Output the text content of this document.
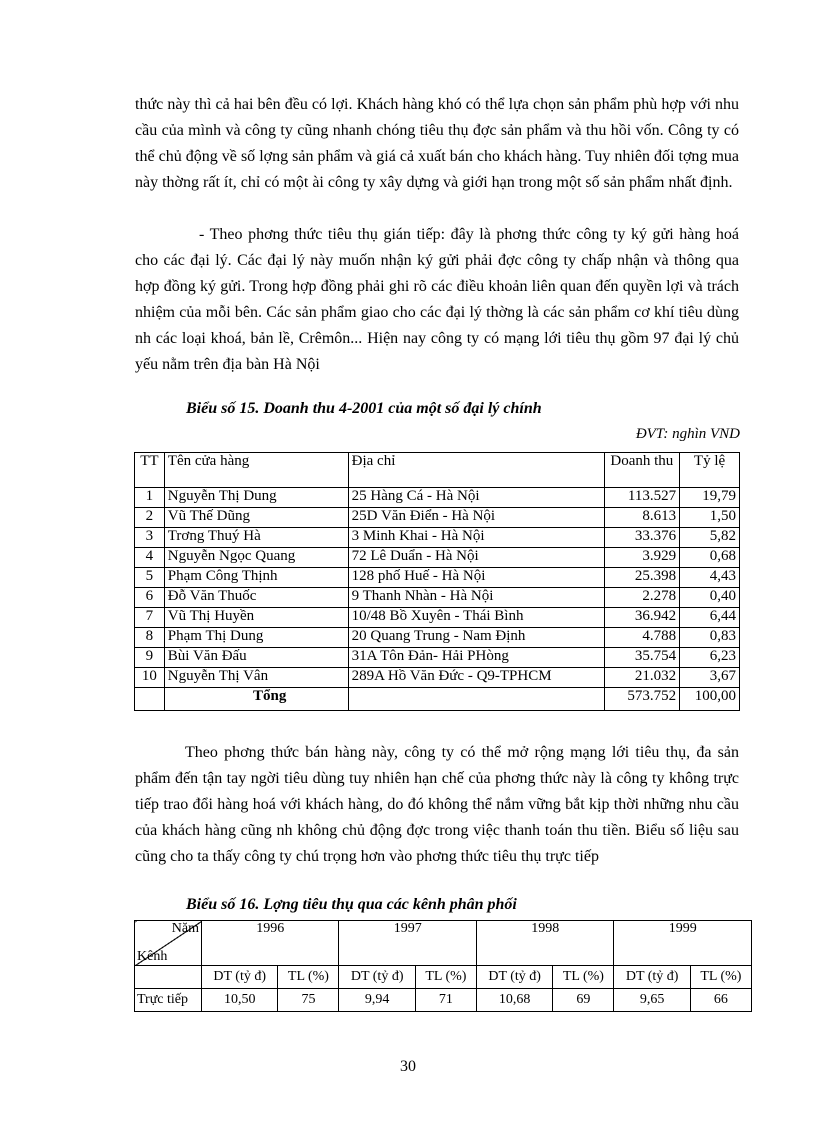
thức này thì cả hai bên đều có lợi. Khách hàng khó có thể lựa chọn sản phẩm phù hợp với nhu cầu của mình và công ty cũng nhanh chóng tiêu thụ đợc sản phẩm và thu hồi vốn. Công ty có thể chủ động về số lợng sản phẩm và giá cả xuất bán cho khách hàng. Tuy nhiên đối tợng mua này thờng rất ít, chỉ có một ài công ty xây dựng và giới hạn trong một số sản phẩm nhất định.

- Theo phơng thức tiêu thụ gián tiếp: đây là phơng thức công ty ký gửi hàng hoá cho các đại lý. Các đại lý này muốn nhận ký gửi phải đợc công ty chấp nhận và thông qua hợp đồng ký gửi. Trong hợp đồng phải ghi rõ các điều khoản liên quan đến quyền lợi và trách nhiệm của mỗi bên. Các sản phẩm giao cho các đại lý thờng là các sản phẩm cơ khí tiêu dùng nh các loại khoá, bản lề, Crêmôn... Hiện nay công ty có mạng lới tiêu thụ gồm 97 đại lý chủ yếu nằm trên địa bàn Hà Nội

Biểu số 15. Doanh thu 4-2001 của một số đại lý chính

ĐVT: nghìn VND
TT	Tên cửa hàng	Địa chỉ	Doanh thu	Tỷ lệ
1	Nguyễn Thị Dung	25 Hàng Cá - Hà Nội	113.527	19,79
2	Vũ Thế Dũng	25D Văn Điển - Hà Nội	8.613	1,50
3	Trơng Thuý Hà	3 Minh Khai - Hà Nội	33.376	5,82
4	Nguyễn Ngọc Quang	72 Lê Duẩn - Hà Nội	3.929	0,68
5	Phạm Công Thịnh	128 phố Huế - Hà Nội	25.398	4,43
6	Đỗ Văn Thuốc	9 Thanh Nhàn - Hà Nội	2.278	0,40
7	Vũ Thị Huyền	10/48 Bồ Xuyên - Thái Bình	36.942	6,44
8	Phạm Thị Dung	20 Quang Trung - Nam Định	4.788	0,83
9	Bùi Văn Đấu	31A Tôn Đản- Hải PHòng	35.754	6,23
10	Nguyễn Thị Vân	289A Hồ Văn Đức - Q9-TPHCM	21.032	3,67
	Tổng		573.752	100,00

Theo phơng thức bán hàng này, công ty có thể mở rộng mạng lới tiêu thụ, đa sản phẩm đến tận tay ngời tiêu dùng tuy nhiên hạn chế của phơng thức này là công ty không trực tiếp trao đổi hàng hoá với khách hàng, do đó không thể nắm vững bắt kịp thời những nhu cầu của khách hàng cũng nh không chủ động đợc trong việc thanh toán thu tiền. Biểu số liệu sau cũng cho ta thấy công ty chú trọng hơn vào phơng thức tiêu thụ trực tiếp

Biểu số 16. Lợng tiêu thụ qua các kênh phân phối

Năm
Kênh	1996		1997		1998		1999	

	DT (tỷ đ)	TL (%)	DT (tỷ đ)	TL (%)	DT (tỷ đ)	TL (%)	DT (tỷ đ)	TL (%)
Trực tiếp	10,50	75	9,94	71	10,68	69	9,65	66
30
